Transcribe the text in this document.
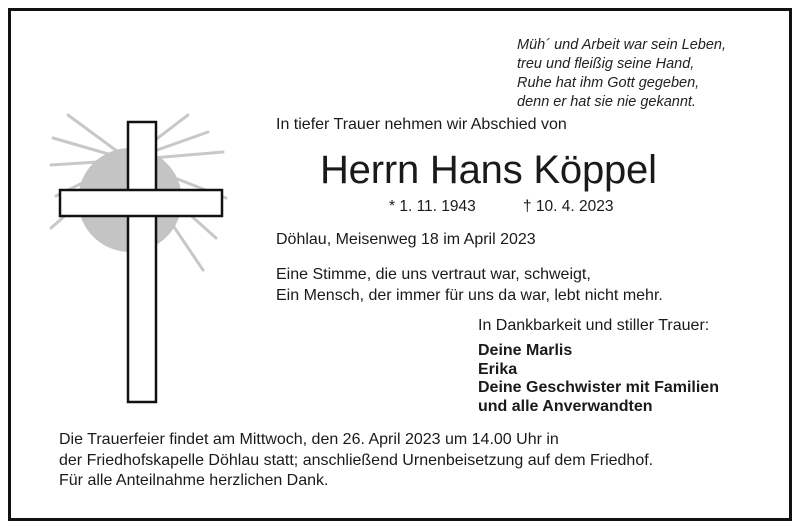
Müh´ und Arbeit war sein Leben,
treu und fleißig seine Hand,
Ruhe hat ihm Gott gegeben,
denn er hat sie nie gekannt.
In tiefer Trauer nehmen wir Abschied von
Herrn Hans Köppel
* 1. 11. 1943	† 10. 4. 2023
Döhlau, Meisenweg 18 im April 2023
Eine Stimme, die uns vertraut war, schweigt,
Ein Mensch, der immer für uns da war, lebt nicht mehr.
In Dankbarkeit und stiller Trauer:
Deine Marlis
Erika
Deine Geschwister mit Familien
und alle Anverwandten
Die Trauerfeier findet am Mittwoch, den 26. April 2023 um 14.00 Uhr in
der Friedhofskapelle Döhlau statt; anschließend Urnenbeisetzung auf dem Friedhof.
Für alle Anteilnahme herzlichen Dank.
